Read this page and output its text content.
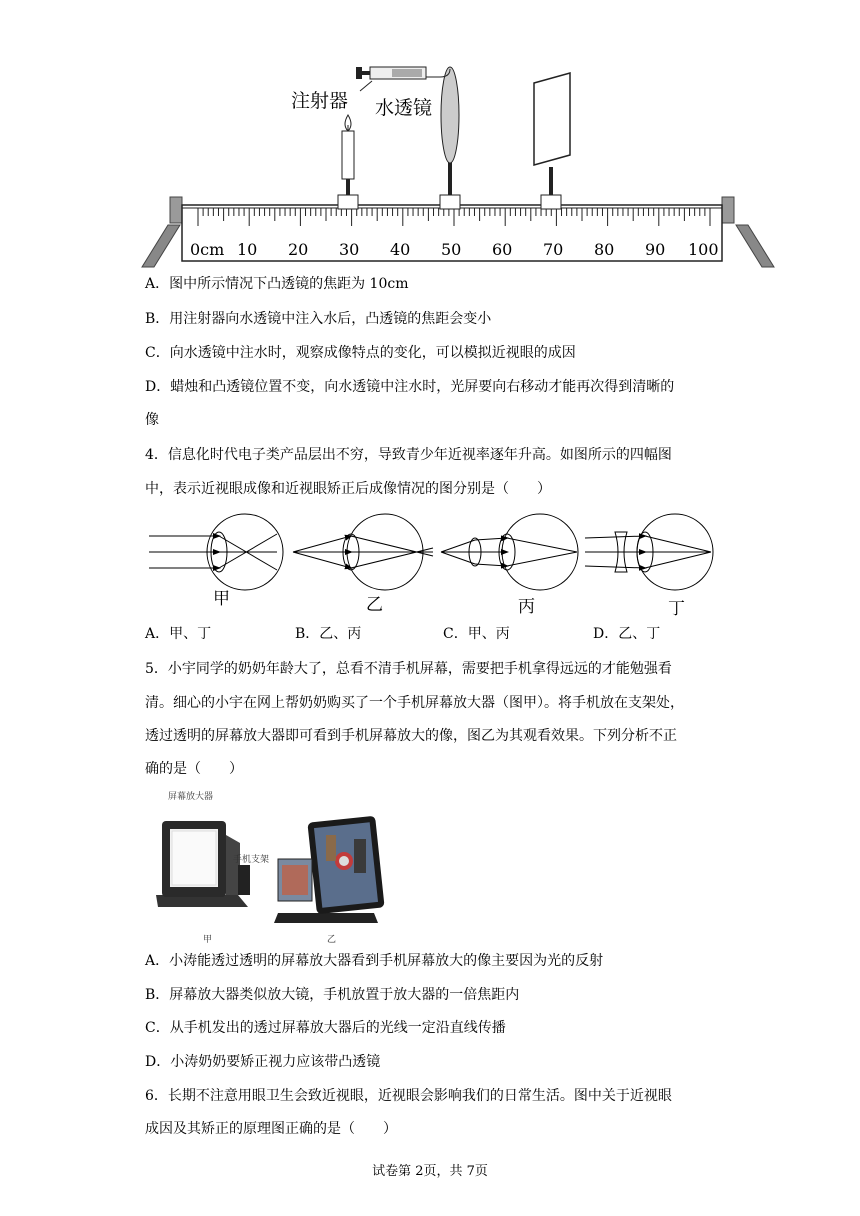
注射器 水透镜
0cm 10 20 30 40 50 60 70 80 90 100
A．图中所示情况下凸透镜的焦距为 10cm
B．用注射器向水透镜中注入水后，凸透镜的焦距会变小
C．向水透镜中注水时，观察成像特点的变化，可以模拟近视眼的成因
D．蜡烛和凸透镜位置不变，向水透镜中注水时，光屏要向右移动才能再次得到清晰的
像
4．信息化时代电子类产品层出不穷，导致青少年近视率逐年升高。如图所示的四幅图
中，表示近视眼成像和近视眼矫正后成像情况的图分别是（　　）
甲	乙	丙	丁
A．甲、丁	B．乙、丙	C．甲、丙	D．乙、丁
5．小宇同学的奶奶年龄大了，总看不清手机屏幕，需要把手机拿得远远的才能勉强看
清。细心的小宇在网上帮奶奶购买了一个手机屏幕放大器（图甲）。将手机放在支架处，
透过透明的屏幕放大器即可看到手机屏幕放大的像，图乙为其观看效果。下列分析不正
确的是（　　）
屏幕放大器
手机支架
甲	乙
A．小涛能透过透明的屏幕放大器看到手机屏幕放大的像主要因为光的反射
B．屏幕放大器类似放大镜，手机放置于放大器的一倍焦距内
C．从手机发出的透过屏幕放大器后的光线一定沿直线传播
D．小涛奶奶要矫正视力应该带凸透镜
6．长期不注意用眼卫生会致近视眼，近视眼会影响我们的日常生活。图中关于近视眼
成因及其矫正的原理图正确的是（　　）
试卷第 2页，共 7页
